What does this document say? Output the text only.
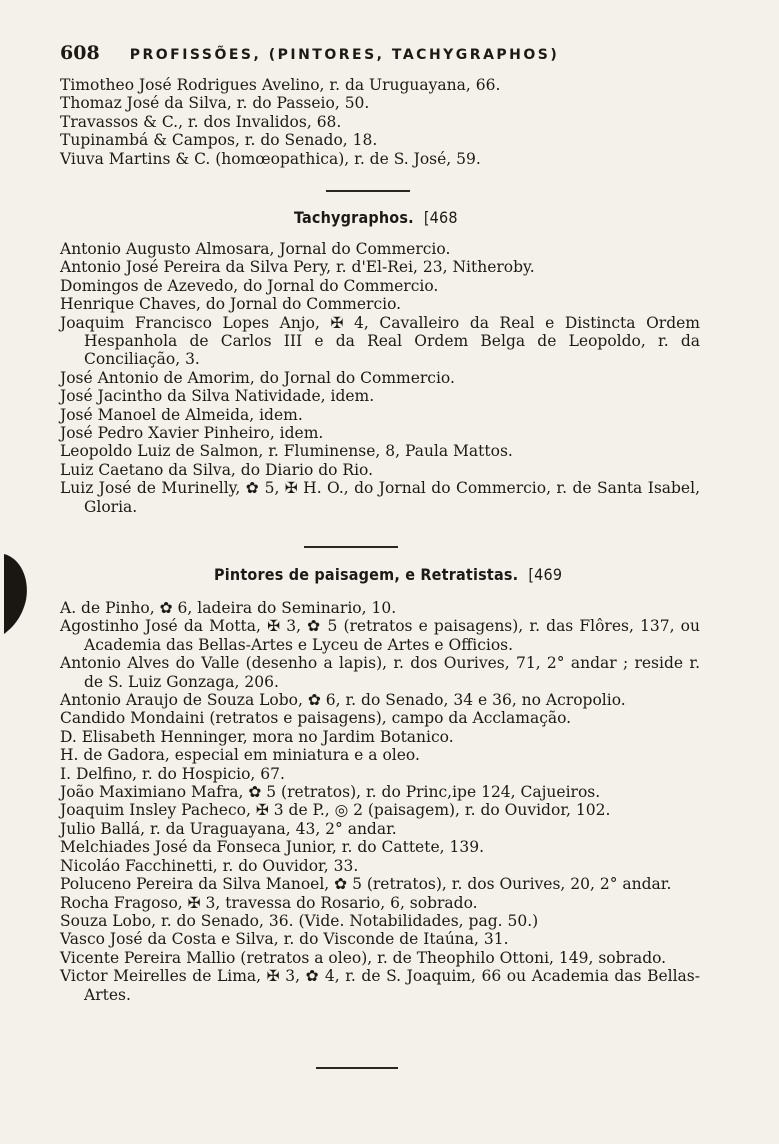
608 PROFISSÕES, (PINTORES, TACHYGRAPHOS)
Timotheo José Rodrigues Avelino, r. da Uruguayana, 66.
Thomaz José da Silva, r. do Passeio, 50.
Travassos & C., r. dos Invalidos, 68.
Tupinambá & Campos, r. do Senado, 18.
Viuva Martins & C. (homœopathica), r. de S. José, 59.
Tachygraphos. [468
Antonio Augusto Almosara, Jornal do Commercio.
Antonio José Pereira da Silva Pery, r. d'El-Rei, 23, Nitheroby.
Domingos de Azevedo, do Jornal do Commercio.
Henrique Chaves, do Jornal do Commercio.
Joaquim Francisco Lopes Anjo, ✠ 4, Cavalleiro da Real e Distincta Ordem Hespanhola de Carlos III e da Real Ordem Belga de Leopoldo, r. da Conciliação, 3.
José Antonio de Amorim, do Jornal do Commercio.
José Jacintho da Silva Natividade, idem.
José Manoel de Almeida, idem.
José Pedro Xavier Pinheiro, idem.
Leopoldo Luiz de Salmon, r. Fluminense, 8, Paula Mattos.
Luiz Caetano da Silva, do Diario do Rio.
Luiz José de Murinelly, ✿ 5, ✠ H. O., do Jornal do Commercio, r. de Santa Isabel, Gloria.
Pintores de paisagem, e Retratistas. [469
A. de Pinho, ✿ 6, ladeira do Seminario, 10.
Agostinho José da Motta, ✠ 3, ✿ 5 (retratos e paisagens), r. das Flôres, 137, ou Academia das Bellas-Artes e Lyceu de Artes e Officios.
Antonio Alves do Valle (desenho a lapis), r. dos Ourives, 71, 2° andar ; reside r. de S. Luiz Gonzaga, 206.
Antonio Araujo de Souza Lobo, ✿ 6, r. do Senado, 34 e 36, no Acropolio.
Candido Mondaini (retratos e paisagens), campo da Acclamação.
D. Elisabeth Henninger, mora no Jardim Botanico.
H. de Gadora, especial em miniatura e a oleo.
I. Delfino, r. do Hospicio, 67.
João Maximiano Mafra, ✿ 5 (retratos), r. do Princ,ipe 124, Cajueiros.
Joaquim Insley Pacheco, ✠ 3 de P., ◎ 2 (paisagem), r. do Ouvidor, 102.
Julio Ballá, r. da Uraguayana, 43, 2° andar.
Melchiades José da Fonseca Junior, r. do Cattete, 139.
Nicoláo Facchinetti, r. do Ouvidor, 33.
Poluceno Pereira da Silva Manoel, ✿ 5 (retratos), r. dos Ourives, 20, 2° andar.
Rocha Fragoso, ✠ 3, travessa do Rosario, 6, sobrado.
Souza Lobo, r. do Senado, 36. (Vide. Notabilidades, pag. 50.)
Vasco José da Costa e Silva, r. do Visconde de Itaúna, 31.
Vicente Pereira Mallio (retratos a oleo), r. de Theophilo Ottoni, 149, sobrado.
Victor Meirelles de Lima, ✠ 3, ✿ 4, r. de S. Joaquim, 66 ou Academia das Bellas-Artes.
